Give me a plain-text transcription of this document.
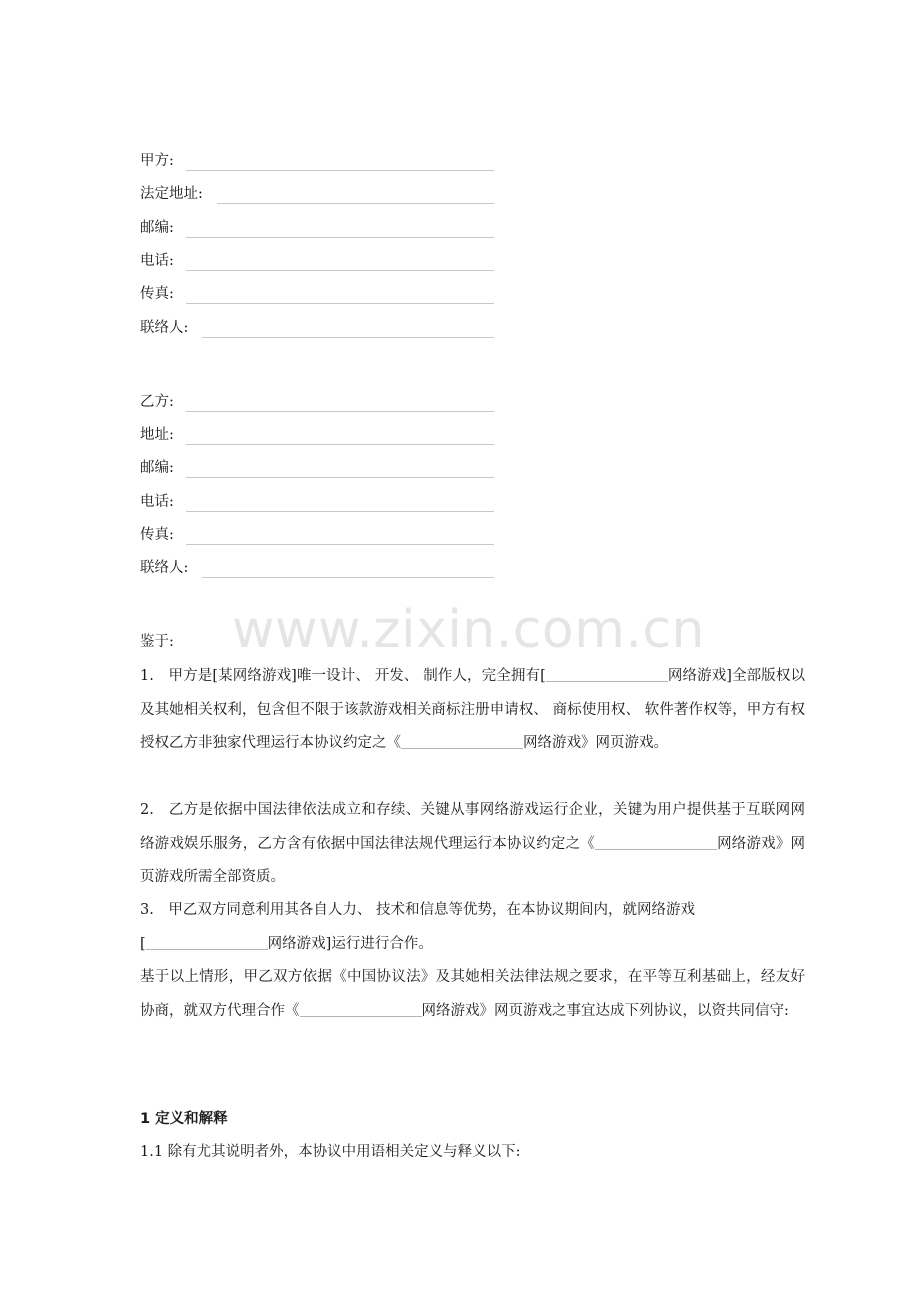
甲方:
法定地址:
邮编:
电话:
传真:
联络人:
乙方:
地址:
邮编:
电话:
传真:
联络人:
www.zixin.com.cn
鉴于:
1.　甲方是[某网络游戏]唯一设计、 开发、 制作人，完全拥有[	网络游戏]全部版权以及其她相关权利，包含但不限于该款游戏相关商标注册申请权、 商标使用权、 软件著作权等，甲方有权授权乙方非独家代理运行本协议约定之《	网络游戏》网页游戏。
2.　乙方是依据中国法律依法成立和存续、关键从事网络游戏运行企业，关键为用户提供基于互联网网络游戏娱乐服务，乙方含有依据中国法律法规代理运行本协议约定之《	网络游戏》网页游戏所需全部资质。
3.　甲乙双方同意利用其各自人力、 技术和信息等优势，在本协议期间内，就网络游戏
[	网络游戏]运行进行合作。
基于以上情形，甲乙双方依据《中国协议法》及其她相关法律法规之要求，在平等互利基础上，经友好协商，就双方代理合作《	网络游戏》网页游戏之事宜达成下列协议，以资共同信守:
1 定义和解释
1.1 除有尤其说明者外，本协议中用语相关定义与释义以下:
